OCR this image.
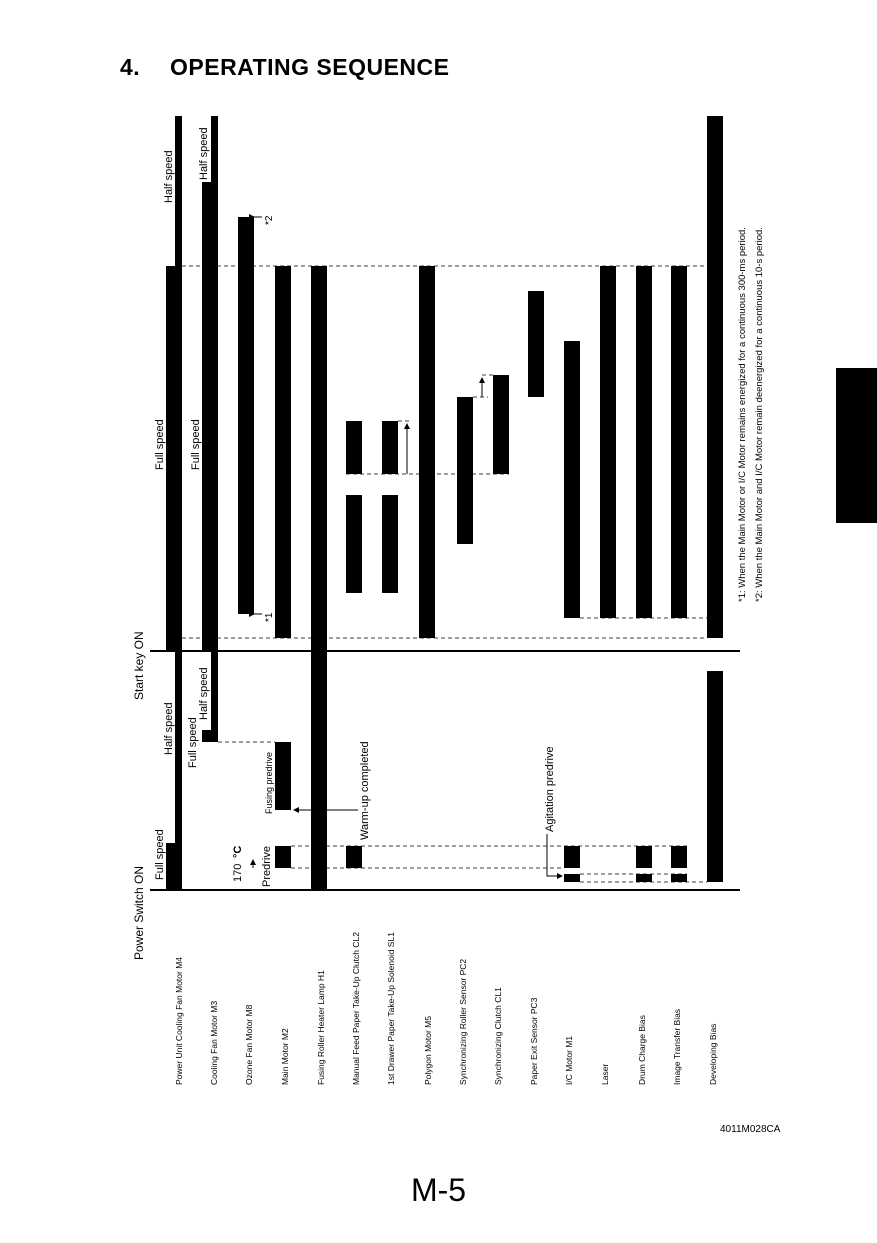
4. OPERATING SEQUENCE
Power Switch ON
Start key ON
Power Unit Cooling Fan Motor M4	Cooling Fan Motor M3	Ozone Fan Motor M8	Main Motor M2	Fusing Roller Heater Lamp H1	Manual Feed Paper Take-Up Clutch CL2	1st Drawer Paper Take-Up Solenoid SL1	Polygon Motor M5	Synchronizing Roller Sensor PC2	Synchronizing Clutch CL1	Paper Exit Sensor PC3	I/C Motor M1	Laser	Drum Charge Bias	Image Transfer Bias	Developing Bias
*1
*2
Full speed
Half speed
Full speed
Half speed
Full speed
Half speed
Full speed
Half speed
170
°C Predrive
Fusing predrive	Warm-up completed	Agitation predrive
*1: When the Main Motor or I/C Motor remains energized for a continuous 300-ms period. *2: When the Main Motor and I/C Motor remain deenergized for a continuous 10-s period.
4011M028CA
M-5
